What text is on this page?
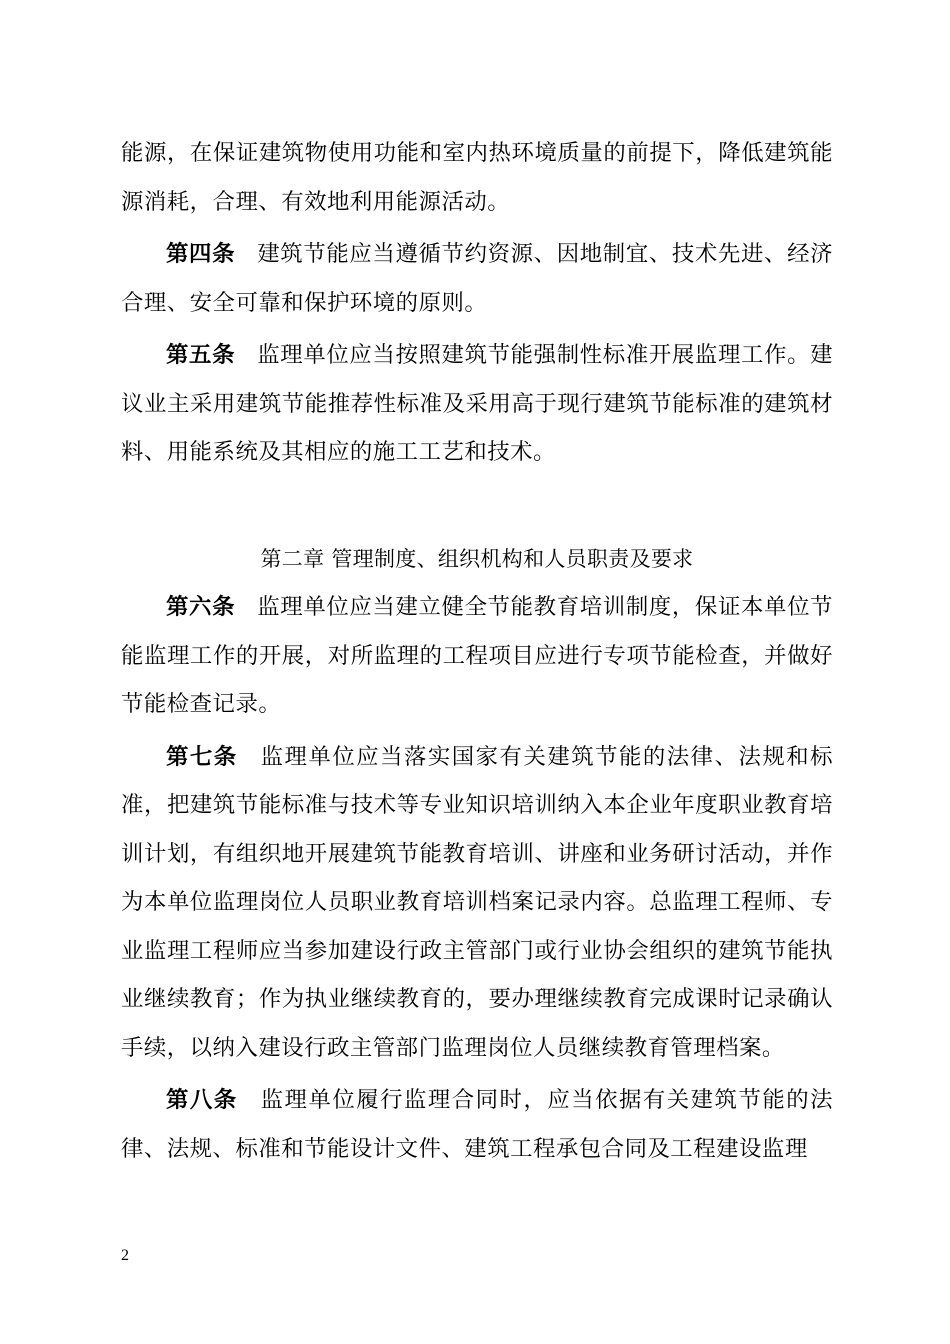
能源，在保证建筑物使用功能和室内热环境质量的前提下，降低建筑能源消耗，合理、有效地利用能源活动。

第四条 建筑节能应当遵循节约资源、因地制宜、技术先进、经济合理、安全可靠和保护环境的原则。

第五条 监理单位应当按照建筑节能强制性标准开展监理工作。建议业主采用建筑节能推荐性标准及采用高于现行建筑节能标准的建筑材料、用能系统及其相应的施工工艺和技术。

第二章 管理制度、组织机构和人员职责及要求

第六条 监理单位应当建立健全节能教育培训制度，保证本单位节能监理工作的开展，对所监理的工程项目应进行专项节能检查，并做好节能检查记录。

第七条 监理单位应当落实国家有关建筑节能的法律、法规和标准，把建筑节能标准与技术等专业知识培训纳入本企业年度职业教育培训计划，有组织地开展建筑节能教育培训、讲座和业务研讨活动，并作为本单位监理岗位人员职业教育培训档案记录内容。总监理工程师、专业监理工程师应当参加建设行政主管部门或行业协会组织的建筑节能执业继续教育；作为执业继续教育的，要办理继续教育完成课时记录确认手续，以纳入建设行政主管部门监理岗位人员继续教育管理档案。

第八条 监理单位履行监理合同时，应当依据有关建筑节能的法律、法规、标准和节能设计文件、建筑工程承包合同及工程建设监理

2
